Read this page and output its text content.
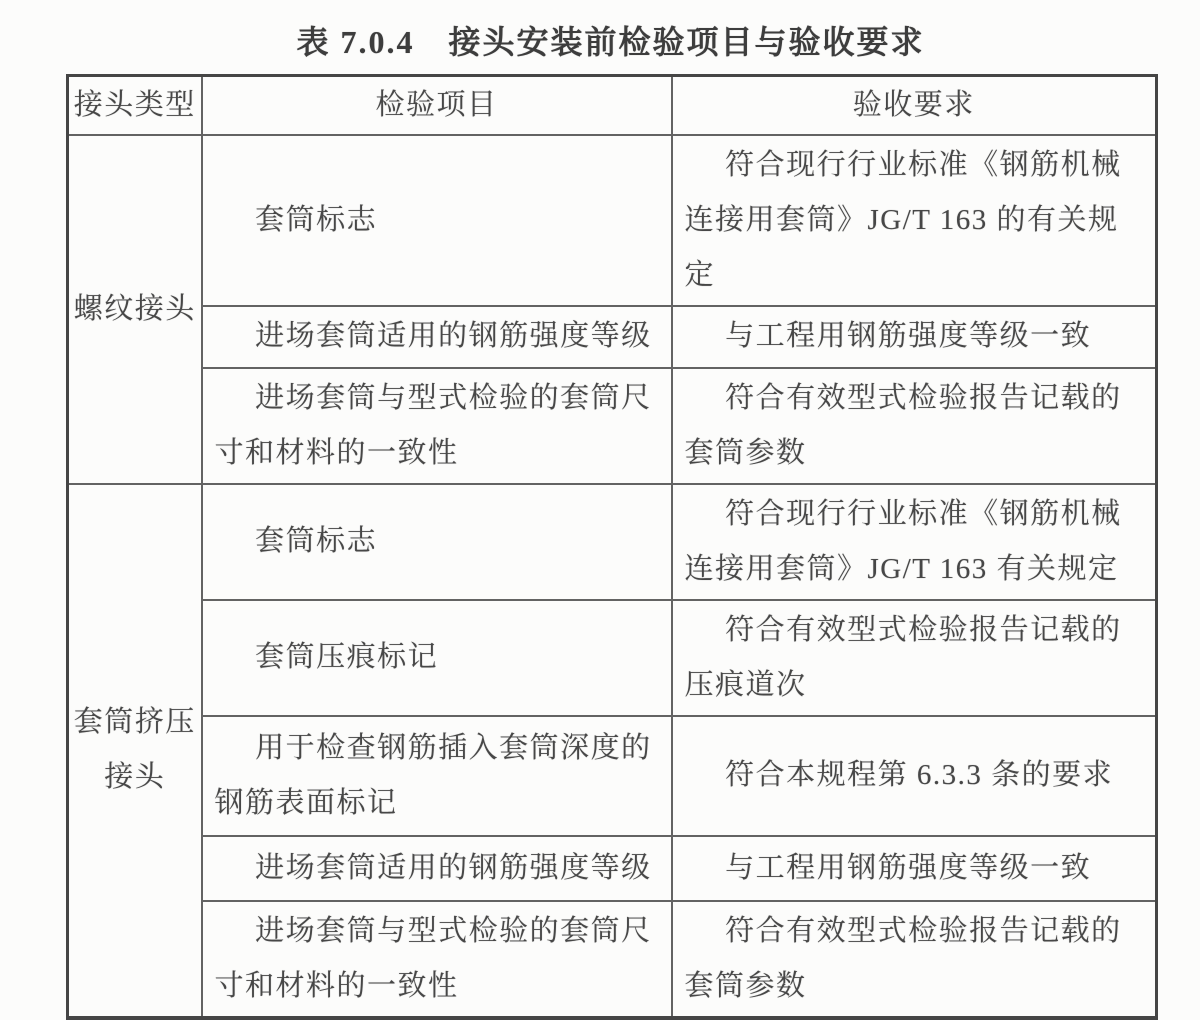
表 7.0.4　接头安装前检验项目与验收要求
接头类型	检验项目	验收要求
螺纹接头	套筒标志	符合现行行业标准《钢筋机械连接用套筒》JG/T 163 的有关规定
	进场套筒适用的钢筋强度等级	与工程用钢筋强度等级一致
	进场套筒与型式检验的套筒尺寸和材料的一致性	符合有效型式检验报告记载的套筒参数
套筒挤压接头	套筒标志	符合现行行业标准《钢筋机械连接用套筒》JG/T 163 有关规定
	套筒压痕标记	符合有效型式检验报告记载的压痕道次
	用于检查钢筋插入套筒深度的钢筋表面标记	符合本规程第 6.3.3 条的要求
	进场套筒适用的钢筋强度等级	与工程用钢筋强度等级一致
	进场套筒与型式检验的套筒尺寸和材料的一致性	符合有效型式检验报告记载的套筒参数
